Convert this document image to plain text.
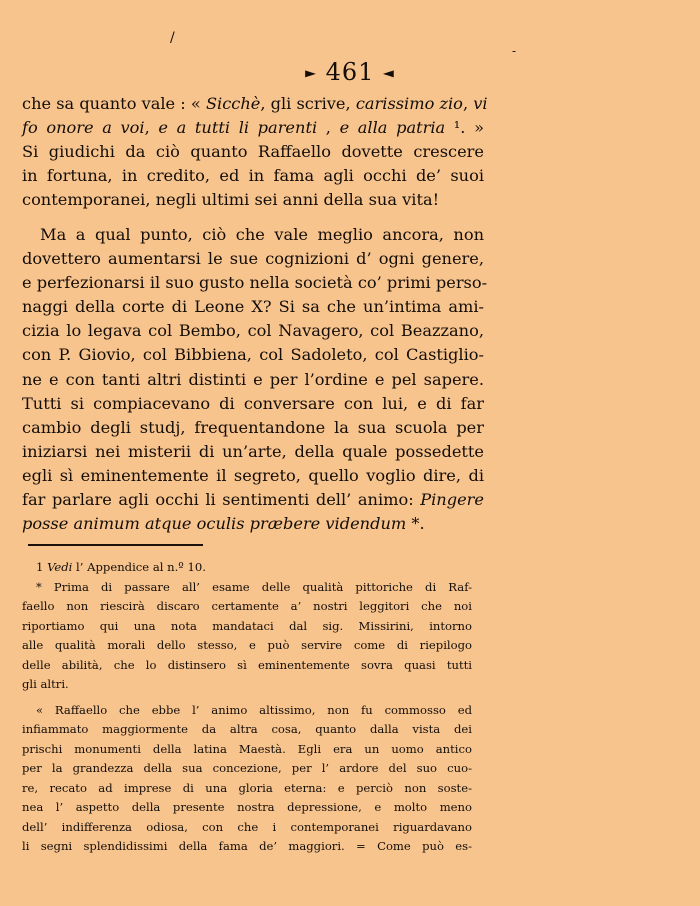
/
-
► 461 ◄
che sa quanto vale : « Sicchè, gli scrive, carissimo zio, vi
fo onore a voi, e a tutti li parenti , e alla patria ¹. »
Si giudichi da ciò quanto Raffaello dovette crescere
in fortuna, in credito, ed in fama agli occhi de’ suoi
contemporanei, negli ultimi sei anni della sua vita!
Ma a qual punto, ciò che vale meglio ancora, non
dovettero aumentarsi le sue cognizioni d’ ogni genere,
e perfezionarsi il suo gusto nella società co’ primi perso-
naggi della corte di Leone X? Si sa che un’intima ami-
cizia lo legava col Bembo, col Navagero, col Beazzano,
con P. Giovio, col Bibbiena, col Sadoleto, col Castiglio-
ne e con tanti altri distinti e per l’ordine e pel sapere.
Tutti si compiacevano di conversare con lui, e di far
cambio degli studj, frequentandone la sua scuola per
iniziarsi nei misterii di un’arte, della quale possedette
egli sì eminentemente il segreto, quello voglio dire, di
far parlare agli occhi li sentimenti dell’ animo: Pingere
posse animum atque oculis præbere videndum *.
1 Vedi l’ Appendice al n.º 10.
* Prima di passare all’ esame delle qualità pittoriche di Raf-
faello non riescirà discaro certamente a’ nostri leggitori che noi
riportiamo qui una nota mandataci dal sig. Missirini, intorno
alle qualità morali dello stesso, e può servire come di riepilogo
delle abilità, che lo distinsero sì eminentemente sovra quasi tutti
gli altri.
« Raffaello che ebbe l’ animo altissimo, non fu commosso ed
infiammato maggiormente da altra cosa, quanto dalla vista dei
prischi monumenti della latina Maestà. Egli era un uomo antico
per la grandezza della sua concezione, per l’ ardore del suo cuo-
re, recato ad imprese di una gloria eterna: e perciò non soste-
nea l’ aspetto della presente nostra depressione, e molto meno
dell’ indifferenza odiosa, con che i contemporanei riguardavano
li segni splendidissimi della fama de’ maggiori. = Come può es-
